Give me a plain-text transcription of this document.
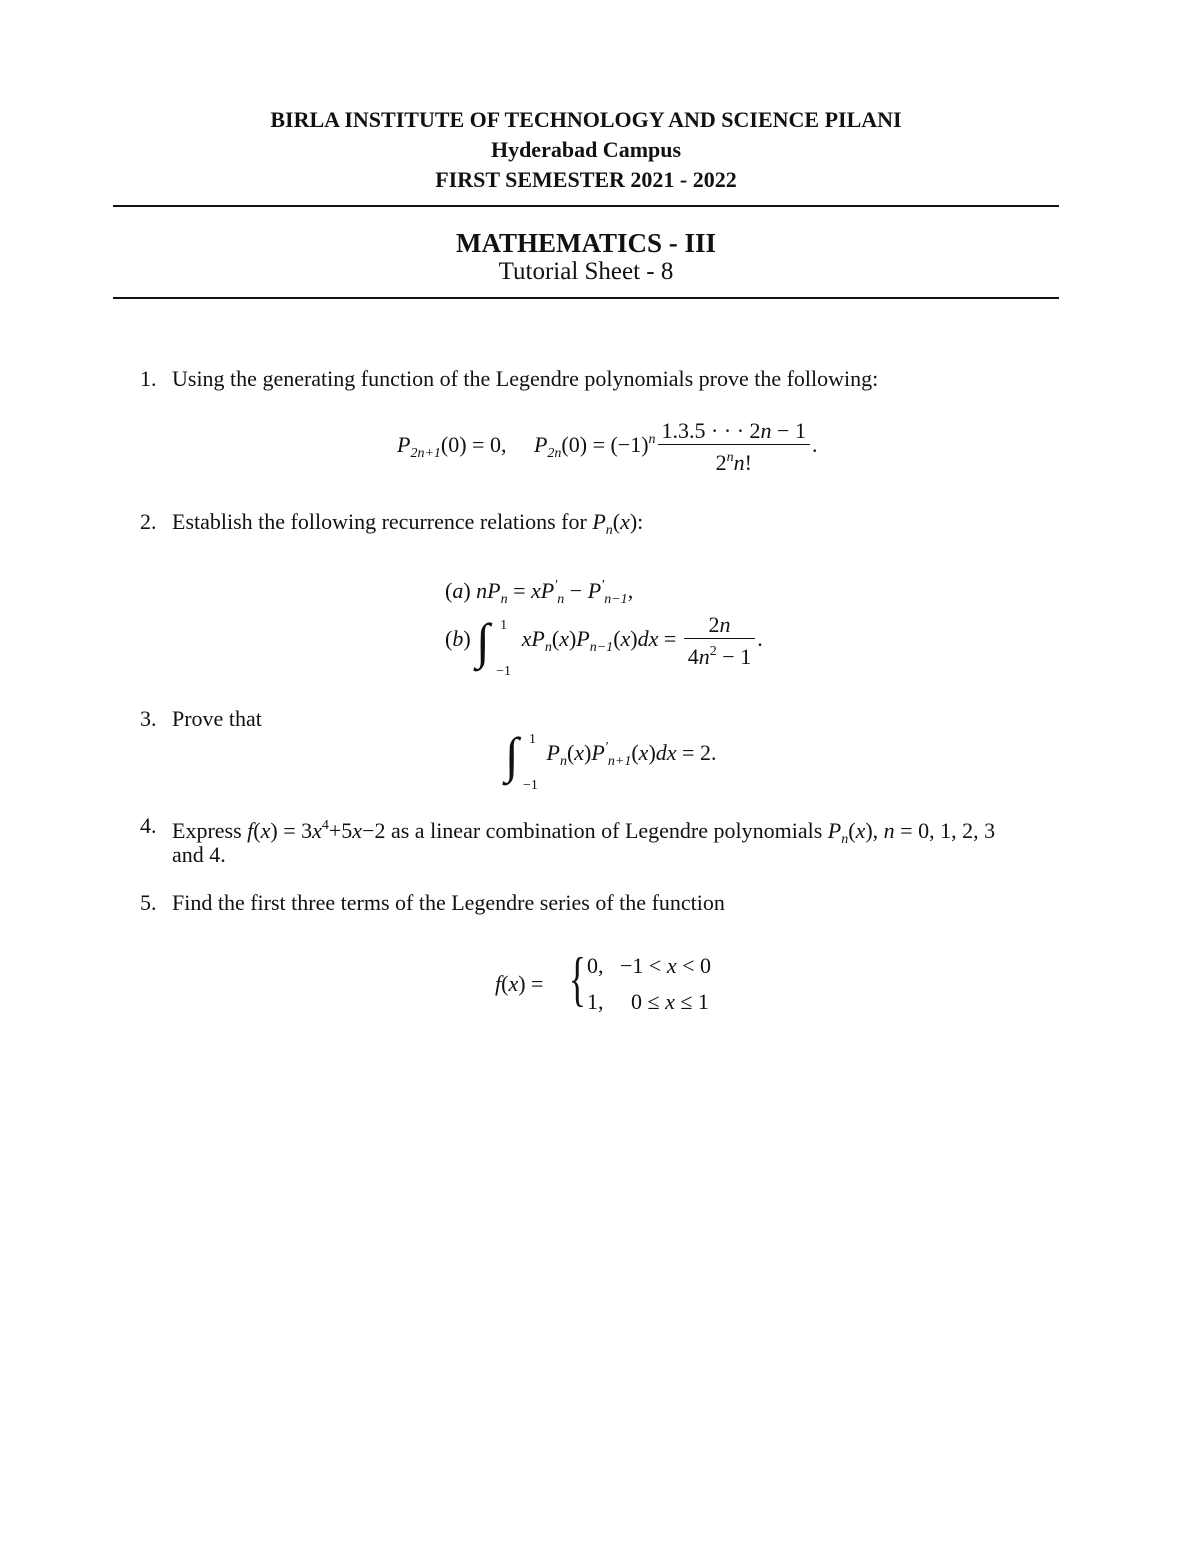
BIRLA INSTITUTE OF TECHNOLOGY AND SCIENCE PILANI
Hyderabad Campus
FIRST SEMESTER 2021 - 2022
MATHEMATICS - III
Tutorial Sheet - 8
1. Using the generating function of the Legendre polynomials prove the following:
$P_{2n+1}(0) = 0$,     $P_{2n}(0) = (-1)^n \frac{1.3.5 \cdot \cdot \cdot 2n - 1}{2^nn!}$ .
2. Establish the following recurrence relations for $P_n(x)$:
(a) $nP_n = xP'_n - P'_{n-1}$,
(b) ∫ 1
−1
$xP_n(x)P_{n-1}(x)dx = \frac{2n}{4n^2 - 1}$ .
3. Prove that
∫ 1
−1
$P_n(x)P'_{n+1}(x)dx = 2$.
4. Express $f(x) = 3x^4+5x-2$ as a linear combination of Legendre polynomials $P_n(x)$, n = 0, 1, 2, 3
and 4.
5. Find the first three terms of the Legendre series of the function
f(x) = { 0, −1 < x < 0
1, 0 ≤ x ≤ 1
